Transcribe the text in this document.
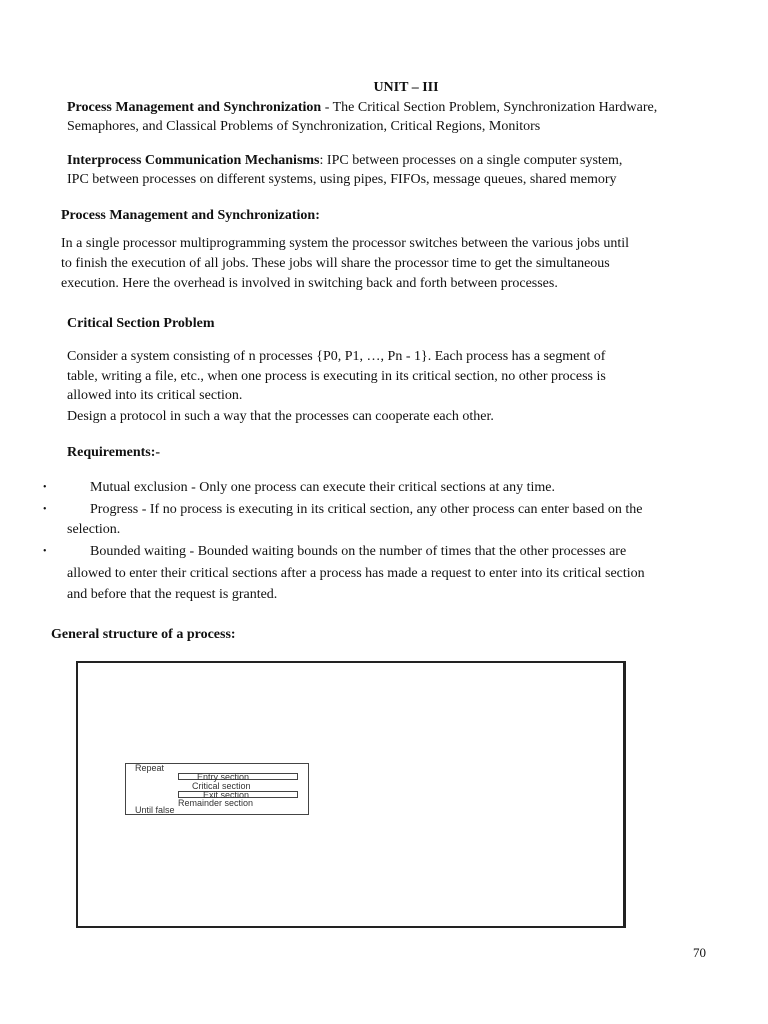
UNIT – III
Process Management and Synchronization - The Critical Section Problem, Synchronization Hardware,
Semaphores, and Classical Problems of Synchronization, Critical Regions, Monitors
Interprocess Communication Mechanisms: IPC between processes on a single computer system,
IPC between processes on different systems, using pipes, FIFOs, message queues, shared memory
Process Management and Synchronization:
In a single processor multiprogramming system the processor switches between the various jobs until
to finish the execution of all jobs. These jobs will share the processor time to get the simultaneous
execution. Here the overhead is involved in switching back and forth between processes.
Critical Section Problem
Consider a system consisting of n processes {P0, P1, …, Pn - 1}. Each process has a segment of
table, writing a file, etc., when one process is executing in its critical section, no other process is
allowed into its critical section.
Design a protocol in such a way that the processes can cooperate each other.
Requirements:-
•	Mutual exclusion - Only one process can execute their critical sections at any time.
•	Progress - If no process is executing in its critical section, any other process can enter based on the
selection.
•	Bounded waiting - Bounded waiting bounds on the number of times that the other processes are
allowed to enter their critical sections after a process has made a request to enter into its critical section
and before that the request is granted.
General structure of a process:
Repeat
Entry section
Critical section
Exit section
Remainder section
Until false
70
